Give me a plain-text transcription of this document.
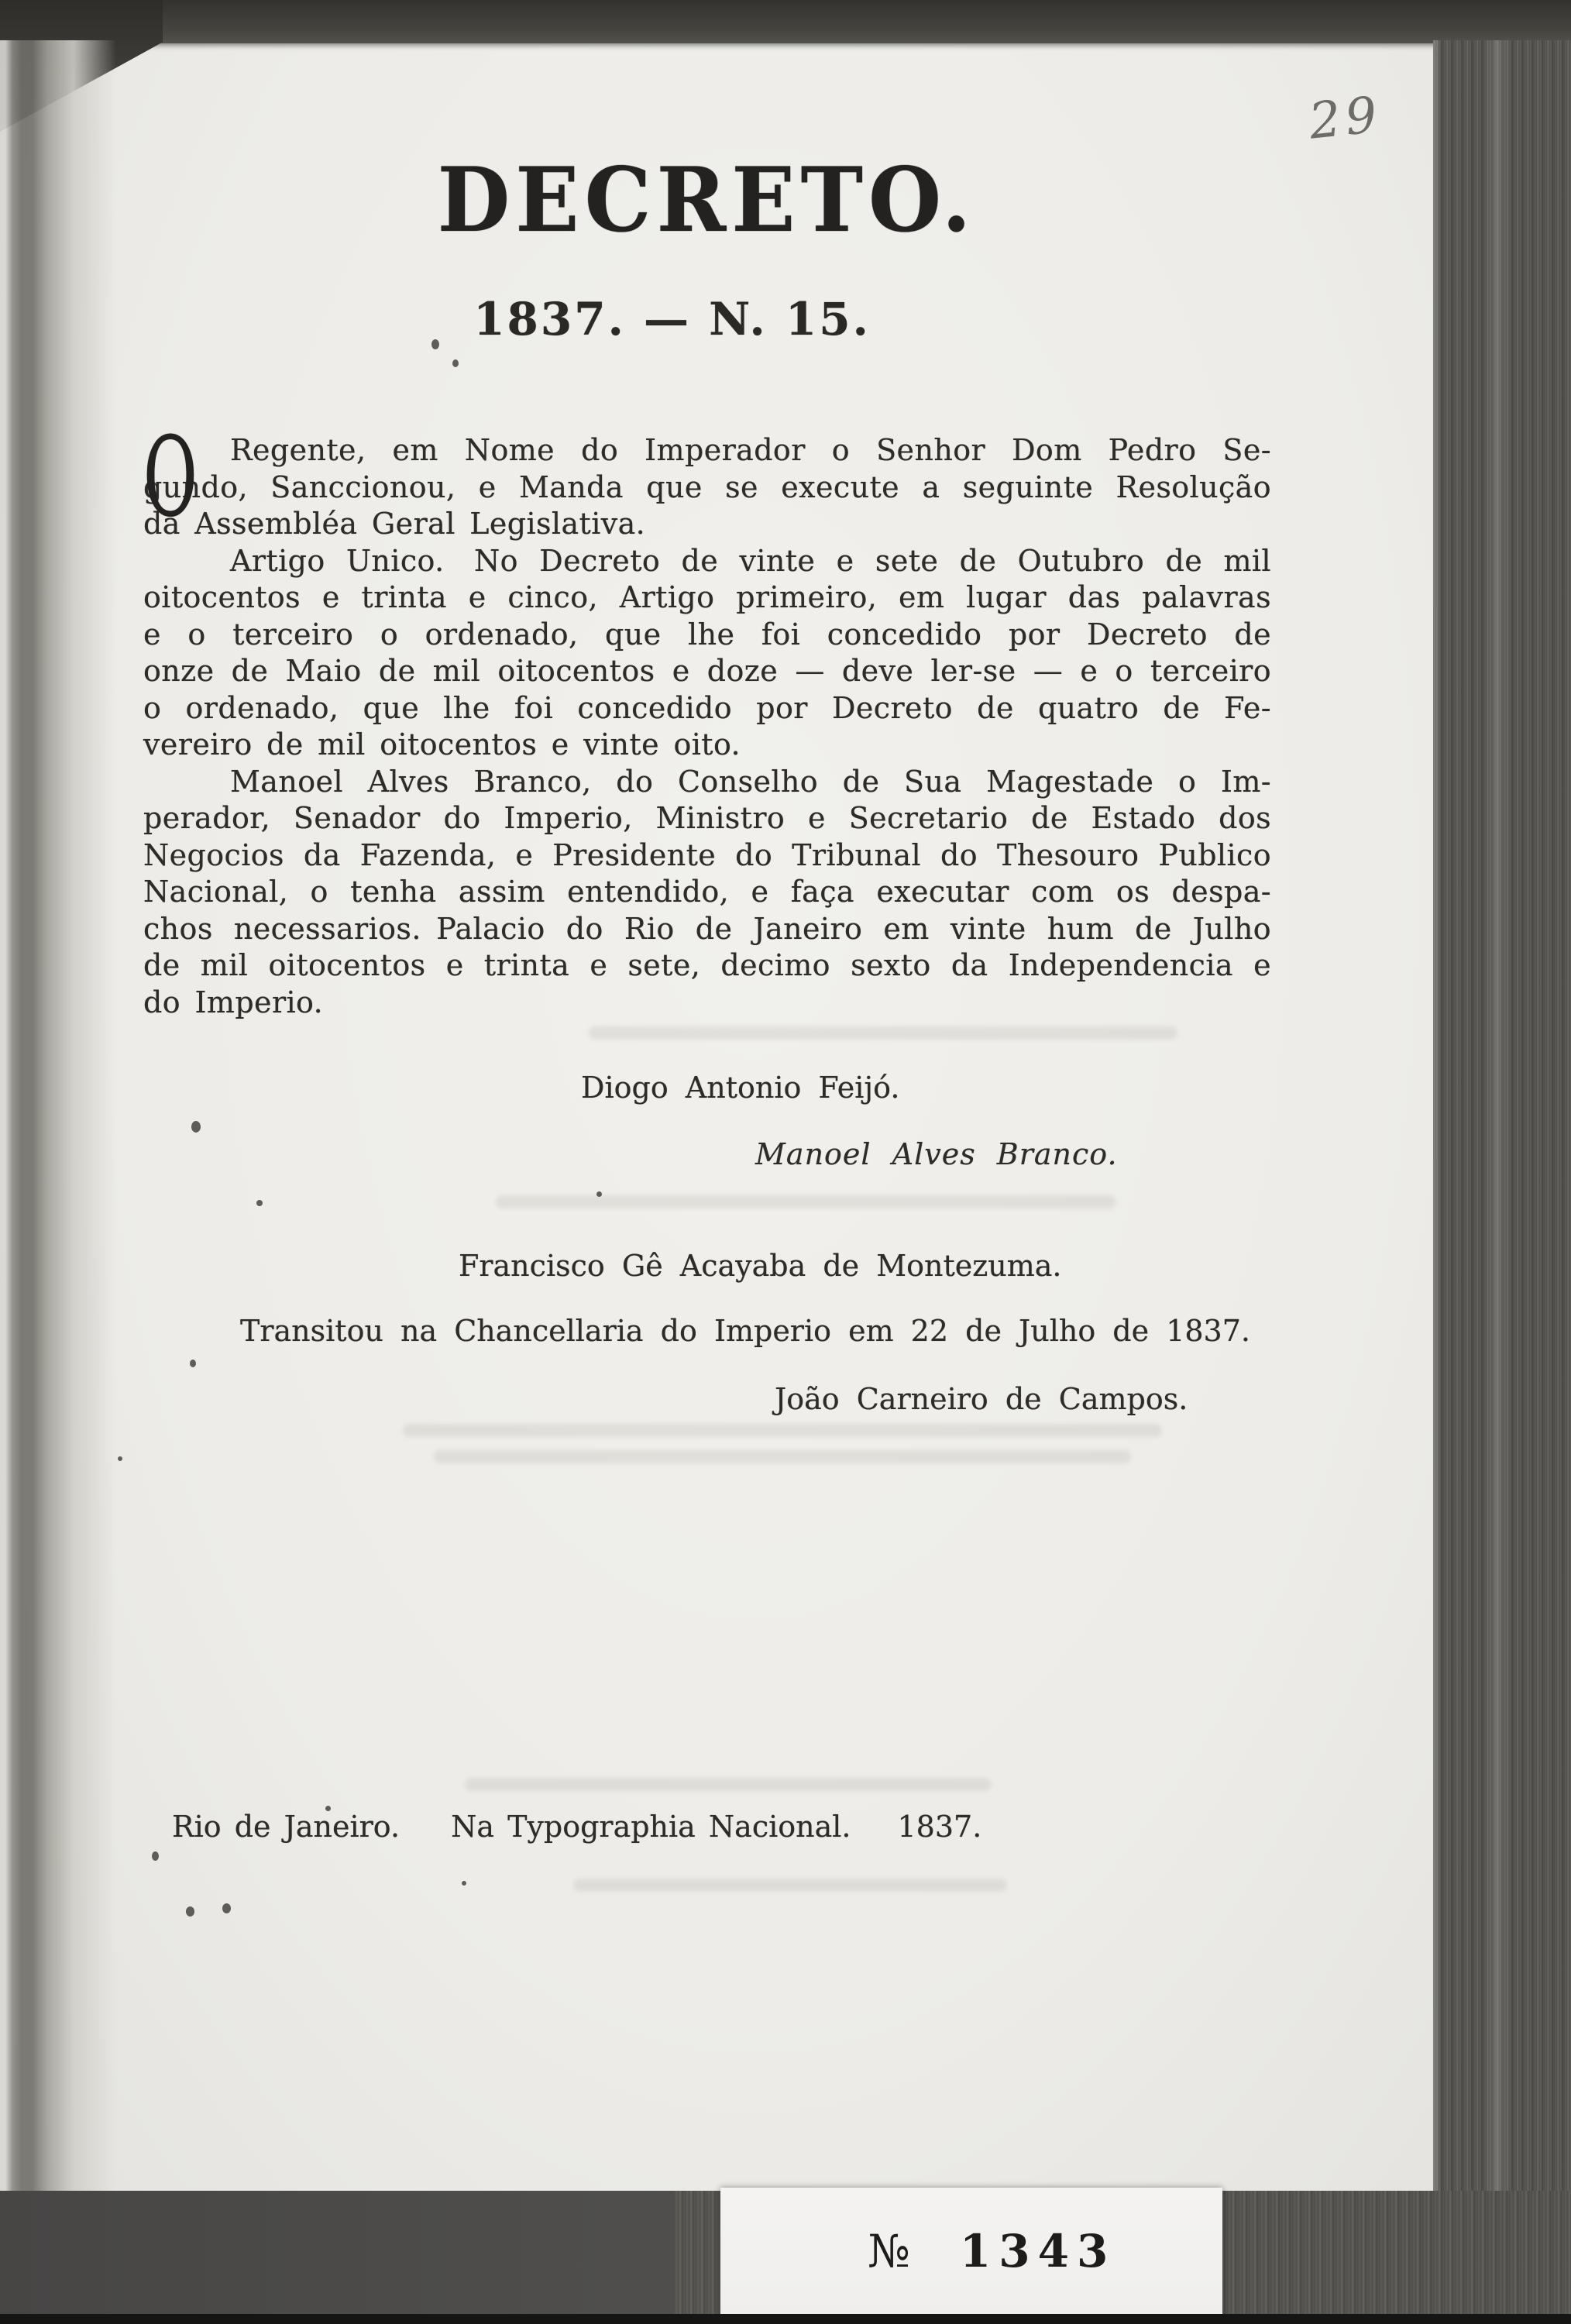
29
DECRETO.
1837. — N. 15.
O	Regente, em Nome do Imperador o Senhor Dom Pedro Se-
gundo, Sanccionou, e Manda que se execute a seguinte Resolução
da Assembléa Geral Legislativa.
Artigo Unico. No Decreto de vinte e sete de Outubro de mil
oitocentos e trinta e cinco, Artigo primeiro, em lugar das palavras
e o terceiro o ordenado, que lhe foi concedido por Decreto de
onze de Maio de mil oitocentos e doze — deve ler-se — e o terceiro
o ordenado, que lhe foi concedido por Decreto de quatro de Fe-
vereiro de mil oitocentos e vinte oito.
Manoel Alves Branco, do Conselho de Sua Magestade o Im-
perador, Senador do Imperio, Ministro e Secretario de Estado dos
Negocios da Fazenda, e Presidente do Tribunal do Thesouro Publico
Nacional, o tenha assim entendido, e faça executar com os despa-
chos necessarios. Palacio do Rio de Janeiro em vinte hum de Julho
de mil oitocentos e trinta e sete, decimo sexto da Independencia e
do Imperio.
Diogo Antonio Feijó.
Manoel Alves Branco.
Francisco Gê Acayaba de Montezuma.
Transitou na Chancellaria do Imperio em 22 de Julho de 1837.
João Carneiro de Campos.
Rio de Janeiro. Na Typographia Nacional. 1837.
№ 1343
